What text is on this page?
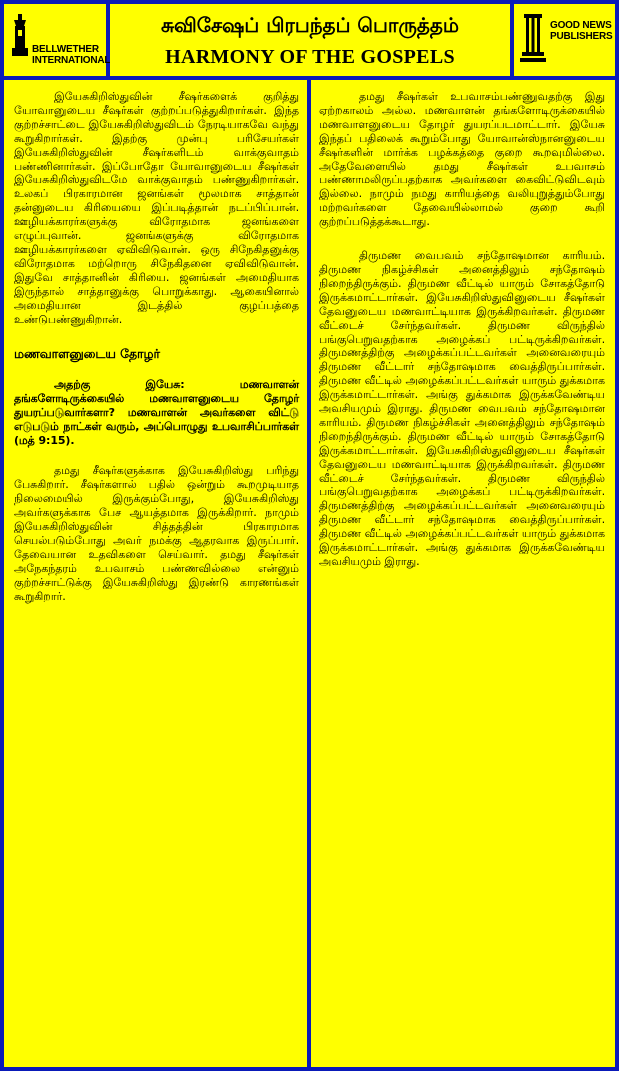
BELLWETHER
INTERNATIONAL
சுவிசேஷப் பிரபந்தப் பொருத்தம்
HARMONY OF THE GOSPELS
GOOD NEWS
PUBLISHERS

இயேசுகிறிஸ்துவின் சீஷர்களைக் குறித்து யோவானுடைய சீஷர்கள் குற்றப்படுத்துகிறார்கள். இந்த குற்றச்சாட்டை இயேசுகிறிஸ்துவிடம் நேரடியாகவே வந்து கூறுகிறார்கள். இதற்கு முன்பு பரிசேயர்கள் இயேசுகிறிஸ்துவின் சீஷர்களிடம் வாக்குவாதம் பண்ணினார்கள். இப்போதோ யோவானுடைய சீஷர்கள் இயேசுகிறிஸ்துவிடமே வாக்குவாதம் பண்ணுகிறார்கள். உலகப் பிரகாரமான ஜனங்கள் மூலமாக சாத்தான் தன்னுடைய கிரியையை இப்படித்தான் நடப்பிப்பான். ஊழியக்காரர்களுக்கு விரோதமாக ஜனங்களை எழுப்புவான். ஜனங்களுக்கு விரோதமாக ஊழியக்காரர்களை ஏவிவிடுவான். ஒரு சிநேகிதனுக்கு விரோதமாக மற்றொரு சிநேகிதனை ஏவிவிடுவான். இதுவே சாத்தானின் கிரியை. ஜனங்கள் அமைதியாக இருந்தால் சாத்தானுக்கு பொறுக்காது. ஆகையினால் அமைதியான இடத்தில் குழப்பத்தை உண்டுபண்ணுகிறான்.

மணவாளனுடைய தோழர்

அதற்கு இயேசு: மணவாளன் தங்களோடிருக்கையில் மணவாளனுடைய தோழர் துயரப்படுவார்களா? மணவாளன் அவர்களை விட்டு எடுபடும் நாட்கள் வரும், அப்பொழுது உபவாசிப்பார்கள் (மத் 9:15).

தமது சீஷர்களுக்காக இயேசுகிறிஸ்து பரிந்து பேசுகிறார். சீஷர்களால் பதில் ஒன்றும் கூறமுடியாத நிலைமையில் இருக்கும்போது, இயேசுகிறிஸ்து அவர்களுக்காக பேச ஆயத்தமாக இருக்கிறார். நாமும் இயேசுகிறிஸ்துவின் சித்தத்தின் பிரகாரமாக செயல்படும்போது அவர் நமக்கு ஆதரவாக இருப்பார். தேவையான உதவிகளை செய்வார். தமது சீஷர்கள் அநேகந்தரம் உபவாசம் பண்ணவில்லை என்னும் குற்றச்சாட்டுக்கு இயேசுகிறிஸ்து இரண்டு காரணங்கள் கூறுகிறார்.

தமது சீஷர்கள் உபவாசம்பண்ணுவதற்கு இது ஏற்றகாலம் அல்ல. மணவாளன் தங்களோடிருக்கையில் மணவாளனுடைய தோழர் துயரப்படமாட்டார். இயேசு இந்தப் பதிலைக் கூறும்போது யோவான்ஸ்நானனுடைய சீஷர்களின் மார்க்க பழக்கத்தை குறை கூறவுமில்லை. அதேவேளையில் தமது சீஷர்கள் உபவாசம் பண்ணாமலிருப்பதற்காக அவர்களை கைவிட்டுவிடவும் இல்லை. நாமும் நமது காரியத்தை வலியுறுத்தும்போது மற்றவர்களை தேவையில்லாமல் குறை கூறி குற்றப்படுத்தக்கூடாது.

திருமண வைபவம் சந்தோஷமான காரியம். திருமண நிகழ்ச்சிகள் அனைத்திலும் சந்தோஷம் நிறைந்திருக்கும். திருமண வீட்டில் யாரும் சோகத்தோடு இருக்கமாட்டார்கள். இயேசுகிறிஸ்துவினுடைய சீஷர்கள் தேவனுடைய மணவாட்டியாக இருக்கிறவர்கள். திருமண வீட்டைச் சேர்ந்தவர்கள். திருமண விருந்தில் பங்குபெறுவதற்காக அழைக்கப் பட்டிருக்கிறவர்கள். திருமணத்திற்கு அழைக்கப்பட்டவர்கள் அனைவரையும் திருமண வீட்டார் சந்தோஷமாக வைத்திருப்பார்கள். திருமண வீட்டில் அழைக்கப்பட்டவர்கள் யாரும் துக்கமாக இருக்கமாட்டார்கள். அங்கு துக்கமாக இருக்கவேண்டிய அவசியமும் இராது. திருமண வைபவம் சந்தோஷமான காரியம். திருமண நிகழ்ச்சிகள் அனைத்திலும் சந்தோஷம் நிறைந்திருக்கும். திருமண வீட்டில் யாரும் சோகத்தோடு இருக்கமாட்டார்கள். இயேசுகிறிஸ்துவினுடைய சீஷர்கள் தேவனுடைய மணவாட்டியாக இருக்கிறவர்கள். திருமண வீட்டைச் சேர்ந்தவர்கள். திருமண விருந்தில் பங்குபெறுவதற்காக அழைக்கப் பட்டிருக்கிறவர்கள். திருமணத்திற்கு அழைக்கப்பட்டவர்கள் அனைவரையும் திருமண வீட்டார் சந்தோஷமாக வைத்திருப்பார்கள். திருமண வீட்டில் அழைக்கப்பட்டவர்கள் யாரும் துக்கமாக இருக்கமாட்டார்கள். அங்கு துக்கமாக இருக்கவேண்டிய அவசியமும் இராது.
